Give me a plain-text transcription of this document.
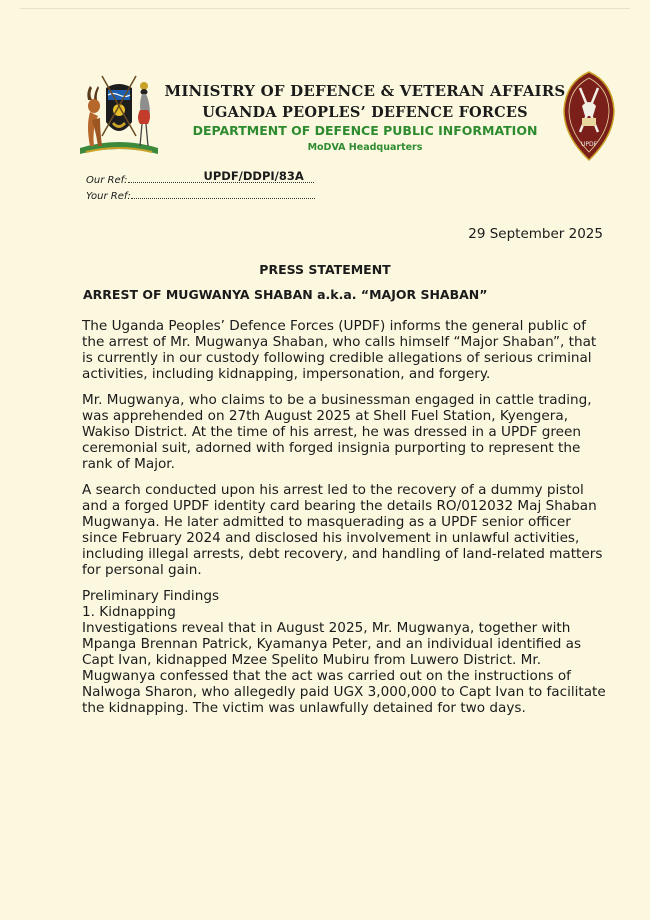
MINISTRY OF DEFENCE & VETERAN AFFAIRS
UGANDA PEOPLES’ DEFENCE FORCES
DEPARTMENT OF DEFENCE PUBLIC INFORMATION
MoDVA Headquarters	UPDF
Our Ref:	UPDF/DDPI/83A
Your Ref:
29 September 2025
PRESS STATEMENT
ARREST OF MUGWANYA SHABAN a.k.a. “MAJOR SHABAN”

The Uganda Peoples’ Defence Forces (UPDF) informs the general public of the arrest of Mr. Mugwanya Shaban, who calls himself “Major Shaban”, that is currently in our custody following credible allegations of serious criminal activities, including kidnapping, impersonation, and forgery.

Mr. Mugwanya, who claims to be a businessman engaged in cattle trading, was apprehended on 27th August 2025 at Shell Fuel Station, Kyengera, Wakiso District. At the time of his arrest, he was dressed in a UPDF green ceremonial suit, adorned with forged insignia purporting to represent the rank of Major.

A search conducted upon his arrest led to the recovery of a dummy pistol and a forged UPDF identity card bearing the details RO/012032 Maj Shaban Mugwanya. He later admitted to masquerading as a UPDF senior officer since February 2024 and disclosed his involvement in unlawful activities, including illegal arrests, debt recovery, and handling of land-related matters for personal gain.

Preliminary Findings
1. Kidnapping
Investigations reveal that in August 2025, Mr. Mugwanya, together with Mpanga Brennan Patrick, Kyamanya Peter, and an individual identified as Capt Ivan, kidnapped Mzee Spelito Mubiru from Luwero District. Mr. Mugwanya confessed that the act was carried out on the instructions of Nalwoga Sharon, who allegedly paid UGX 3,000,000 to Capt Ivan to facilitate the kidnapping. The victim was unlawfully detained for two days.
